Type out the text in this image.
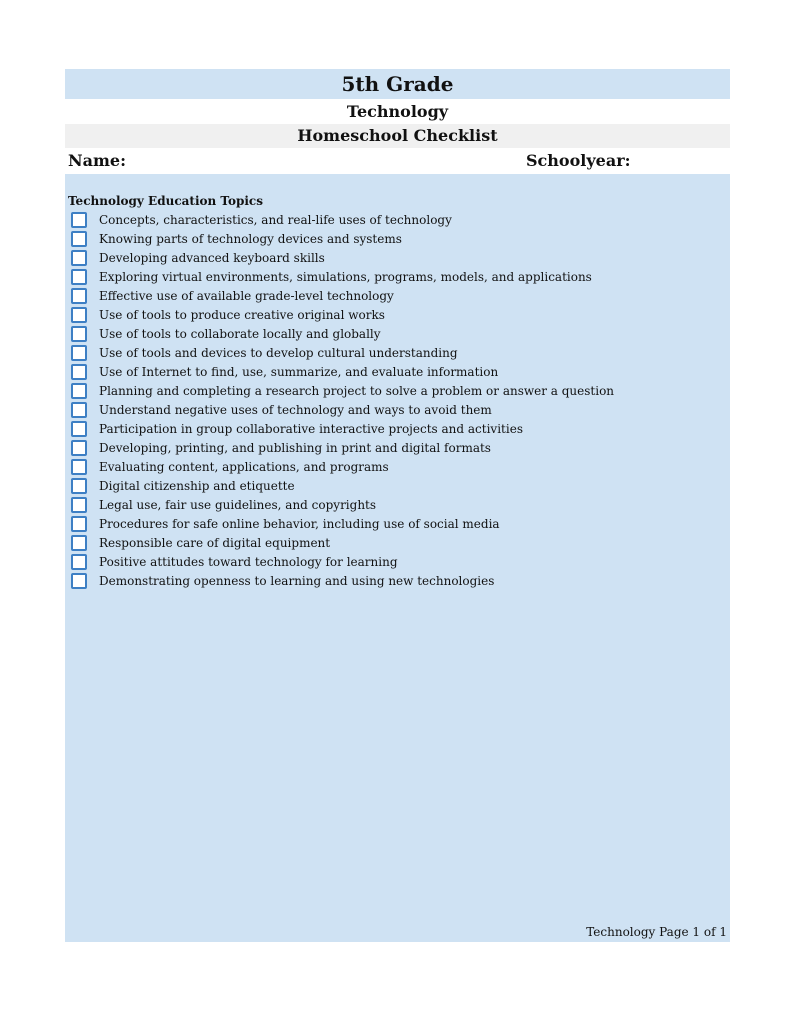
5th Grade
Technology
Homeschool Checklist
Name:	Schoolyear:
Technology Education Topics
Concepts, characteristics, and real-life uses of technology
Knowing parts of technology devices and systems
Developing advanced keyboard skills
Exploring virtual environments, simulations, programs, models, and applications
Effective use of available grade-level technology
Use of tools to produce creative original works
Use of tools to collaborate locally and globally
Use of tools and devices to develop cultural understanding
Use of Internet to find, use, summarize, and evaluate information
Planning and completing a research project to solve a problem or answer a question
Understand negative uses of technology and ways to avoid them
Participation in group collaborative interactive projects and activities
Developing, printing, and publishing in print and digital formats
Evaluating content, applications, and programs
Digital citizenship and etiquette
Legal use, fair use guidelines, and copyrights
Procedures for safe online behavior, including use of social media
Responsible care of digital equipment
Positive attitudes toward technology for learning
Demonstrating openness to learning and using new technologies
Technology Page 1 of 1
